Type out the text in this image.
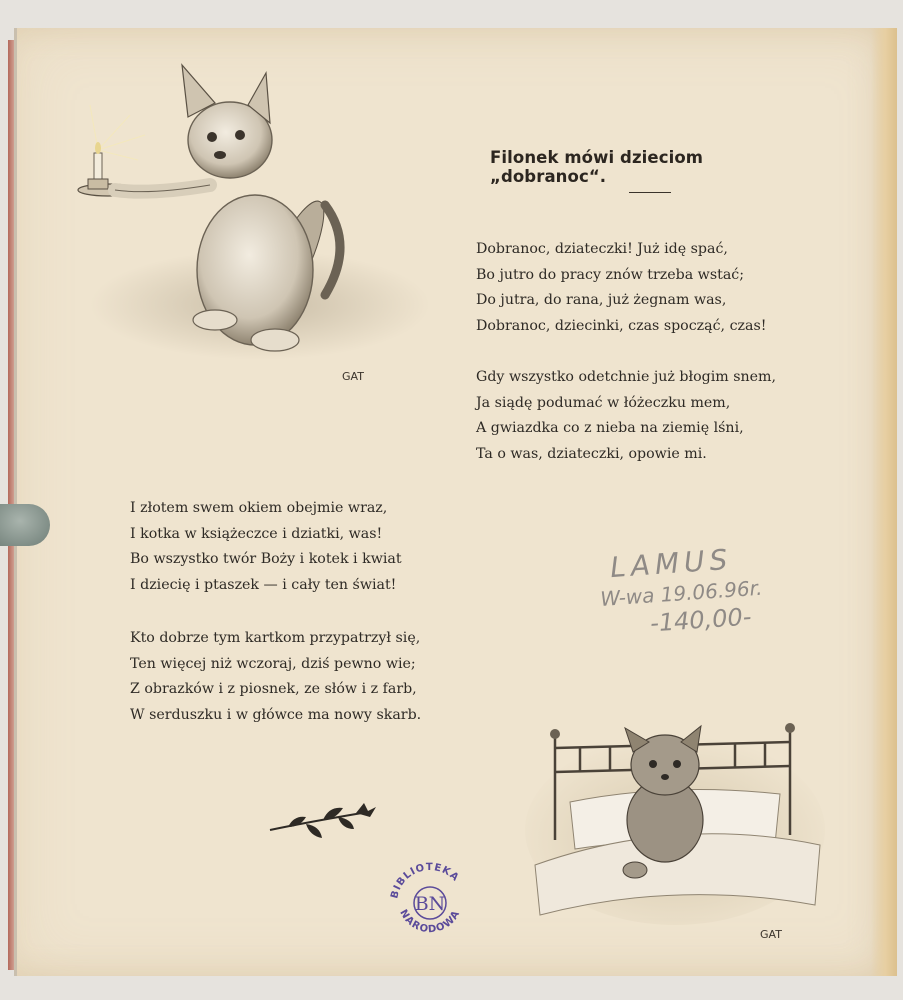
GAT
Filonek mówi dzieciom „dobranoc“.
Dobranoc, dziateczki! Już idę spać,
Bo jutro do pracy znów trzeba wstać;
Do jutra, do rana, już żegnam was,
Dobranoc, dziecinki, czas spocząć, czas!
Gdy wszystko odetchnie już błogim snem,
Ja siądę podumać w łóżeczku mem,
A gwiazdka co z nieba na ziemię lśni,
Ta o was, dziateczki, opowie mi.
I złotem swem okiem obejmie wraz,
I kotka w książeczce i dziatki, was!
Bo wszystko twór Boży i kotek i kwiat
I dziecię i ptaszek — i cały ten świat!
Kto dobrze tym kartkom przypatrzył się,
Ten więcej niż wczoraj, dziś pewno wie;
Z obrazków i z piosnek, ze słów i z farb,
W serduszku i w główce ma nowy skarb.
LAMUS
W-wa 19.06.96r.
-140,00-
GAT
BIBLIOTEKA
NARODOWA
BN
